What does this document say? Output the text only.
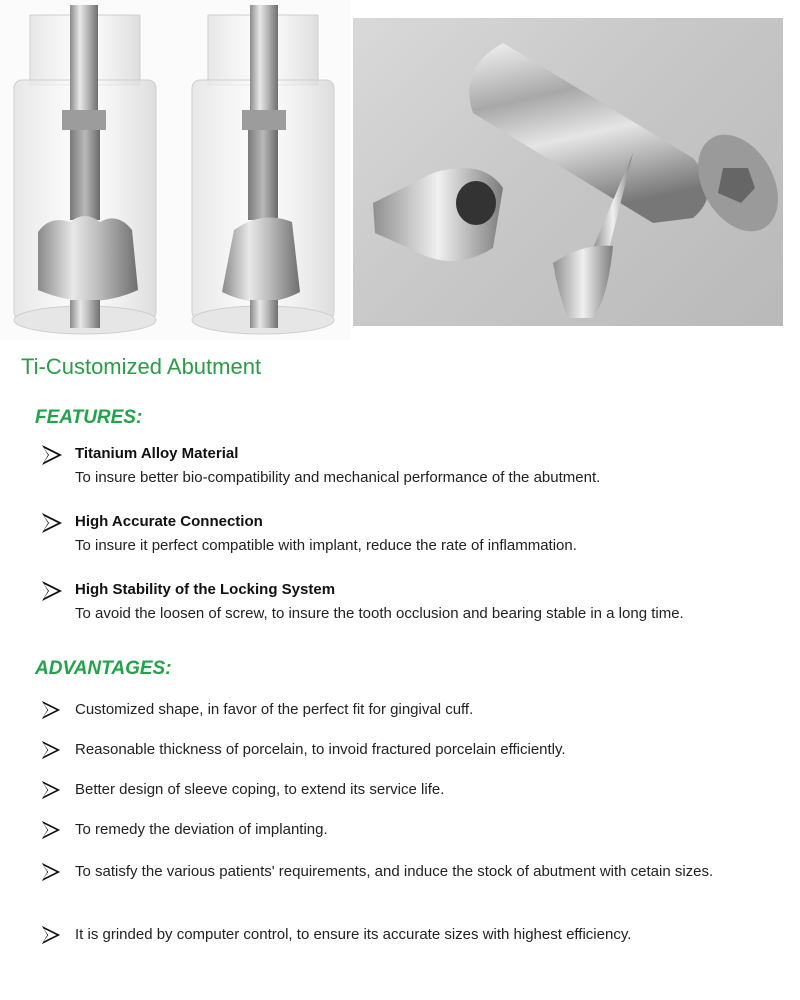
Ti-Customized Abutment
FEATURES:
Titanium Alloy Material
To insure better bio-compatibility and mechanical performance of the abutment.
High Accurate Connection
To insure it perfect compatible with implant, reduce the rate of inflammation.
High Stability of the Locking System
To avoid the loosen of screw, to insure the tooth occlusion and bearing stable in a long time.
ADVANTAGES:
Customized shape, in favor of the perfect fit for gingival cuff.
Reasonable thickness of porcelain, to invoid fractured porcelain efficiently.
Better design of sleeve coping, to extend its service life.
To remedy the deviation of implanting.
To satisfy the various patients' requirements, and induce the stock of abutment with cetain sizes.
It is grinded by computer control, to ensure its accurate sizes with highest efficiency.
